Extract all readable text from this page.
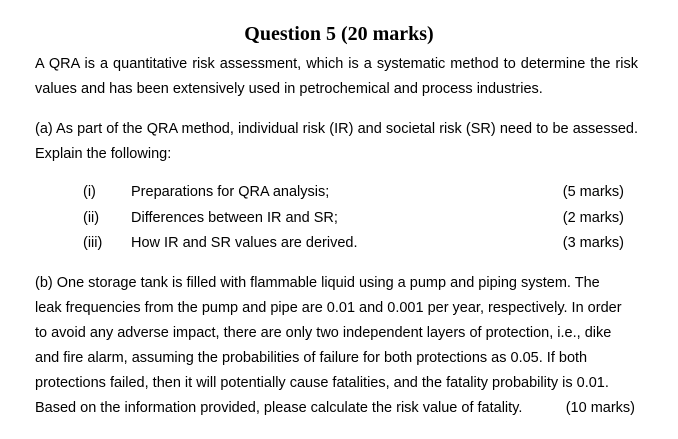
Question 5 (20 marks)
A QRA is a quantitative risk assessment, which is a systematic method to determine the risk values and has been extensively used in petrochemical and process industries.
(a) As part of the QRA method, individual risk (IR) and societal risk (SR) need to be assessed. Explain the following:
(i) Preparations for QRA analysis;	(5 marks)
(ii) Differences between IR and SR;	(2 marks)
(iii) How IR and SR values are derived.	(3 marks)
(b) One storage tank is filled with flammable liquid using a pump and piping system. The
leak frequencies from the pump and pipe are 0.01 and 0.001 per year, respectively. In order
to avoid any adverse impact, there are only two independent layers of protection, i.e., dike
and fire alarm, assuming the probabilities of failure for both protections as 0.05. If both
protections failed, then it will potentially cause fatalities, and the fatality probability is 0.01.
Based on the information provided, please calculate the risk value of fatality.	(10 marks)
